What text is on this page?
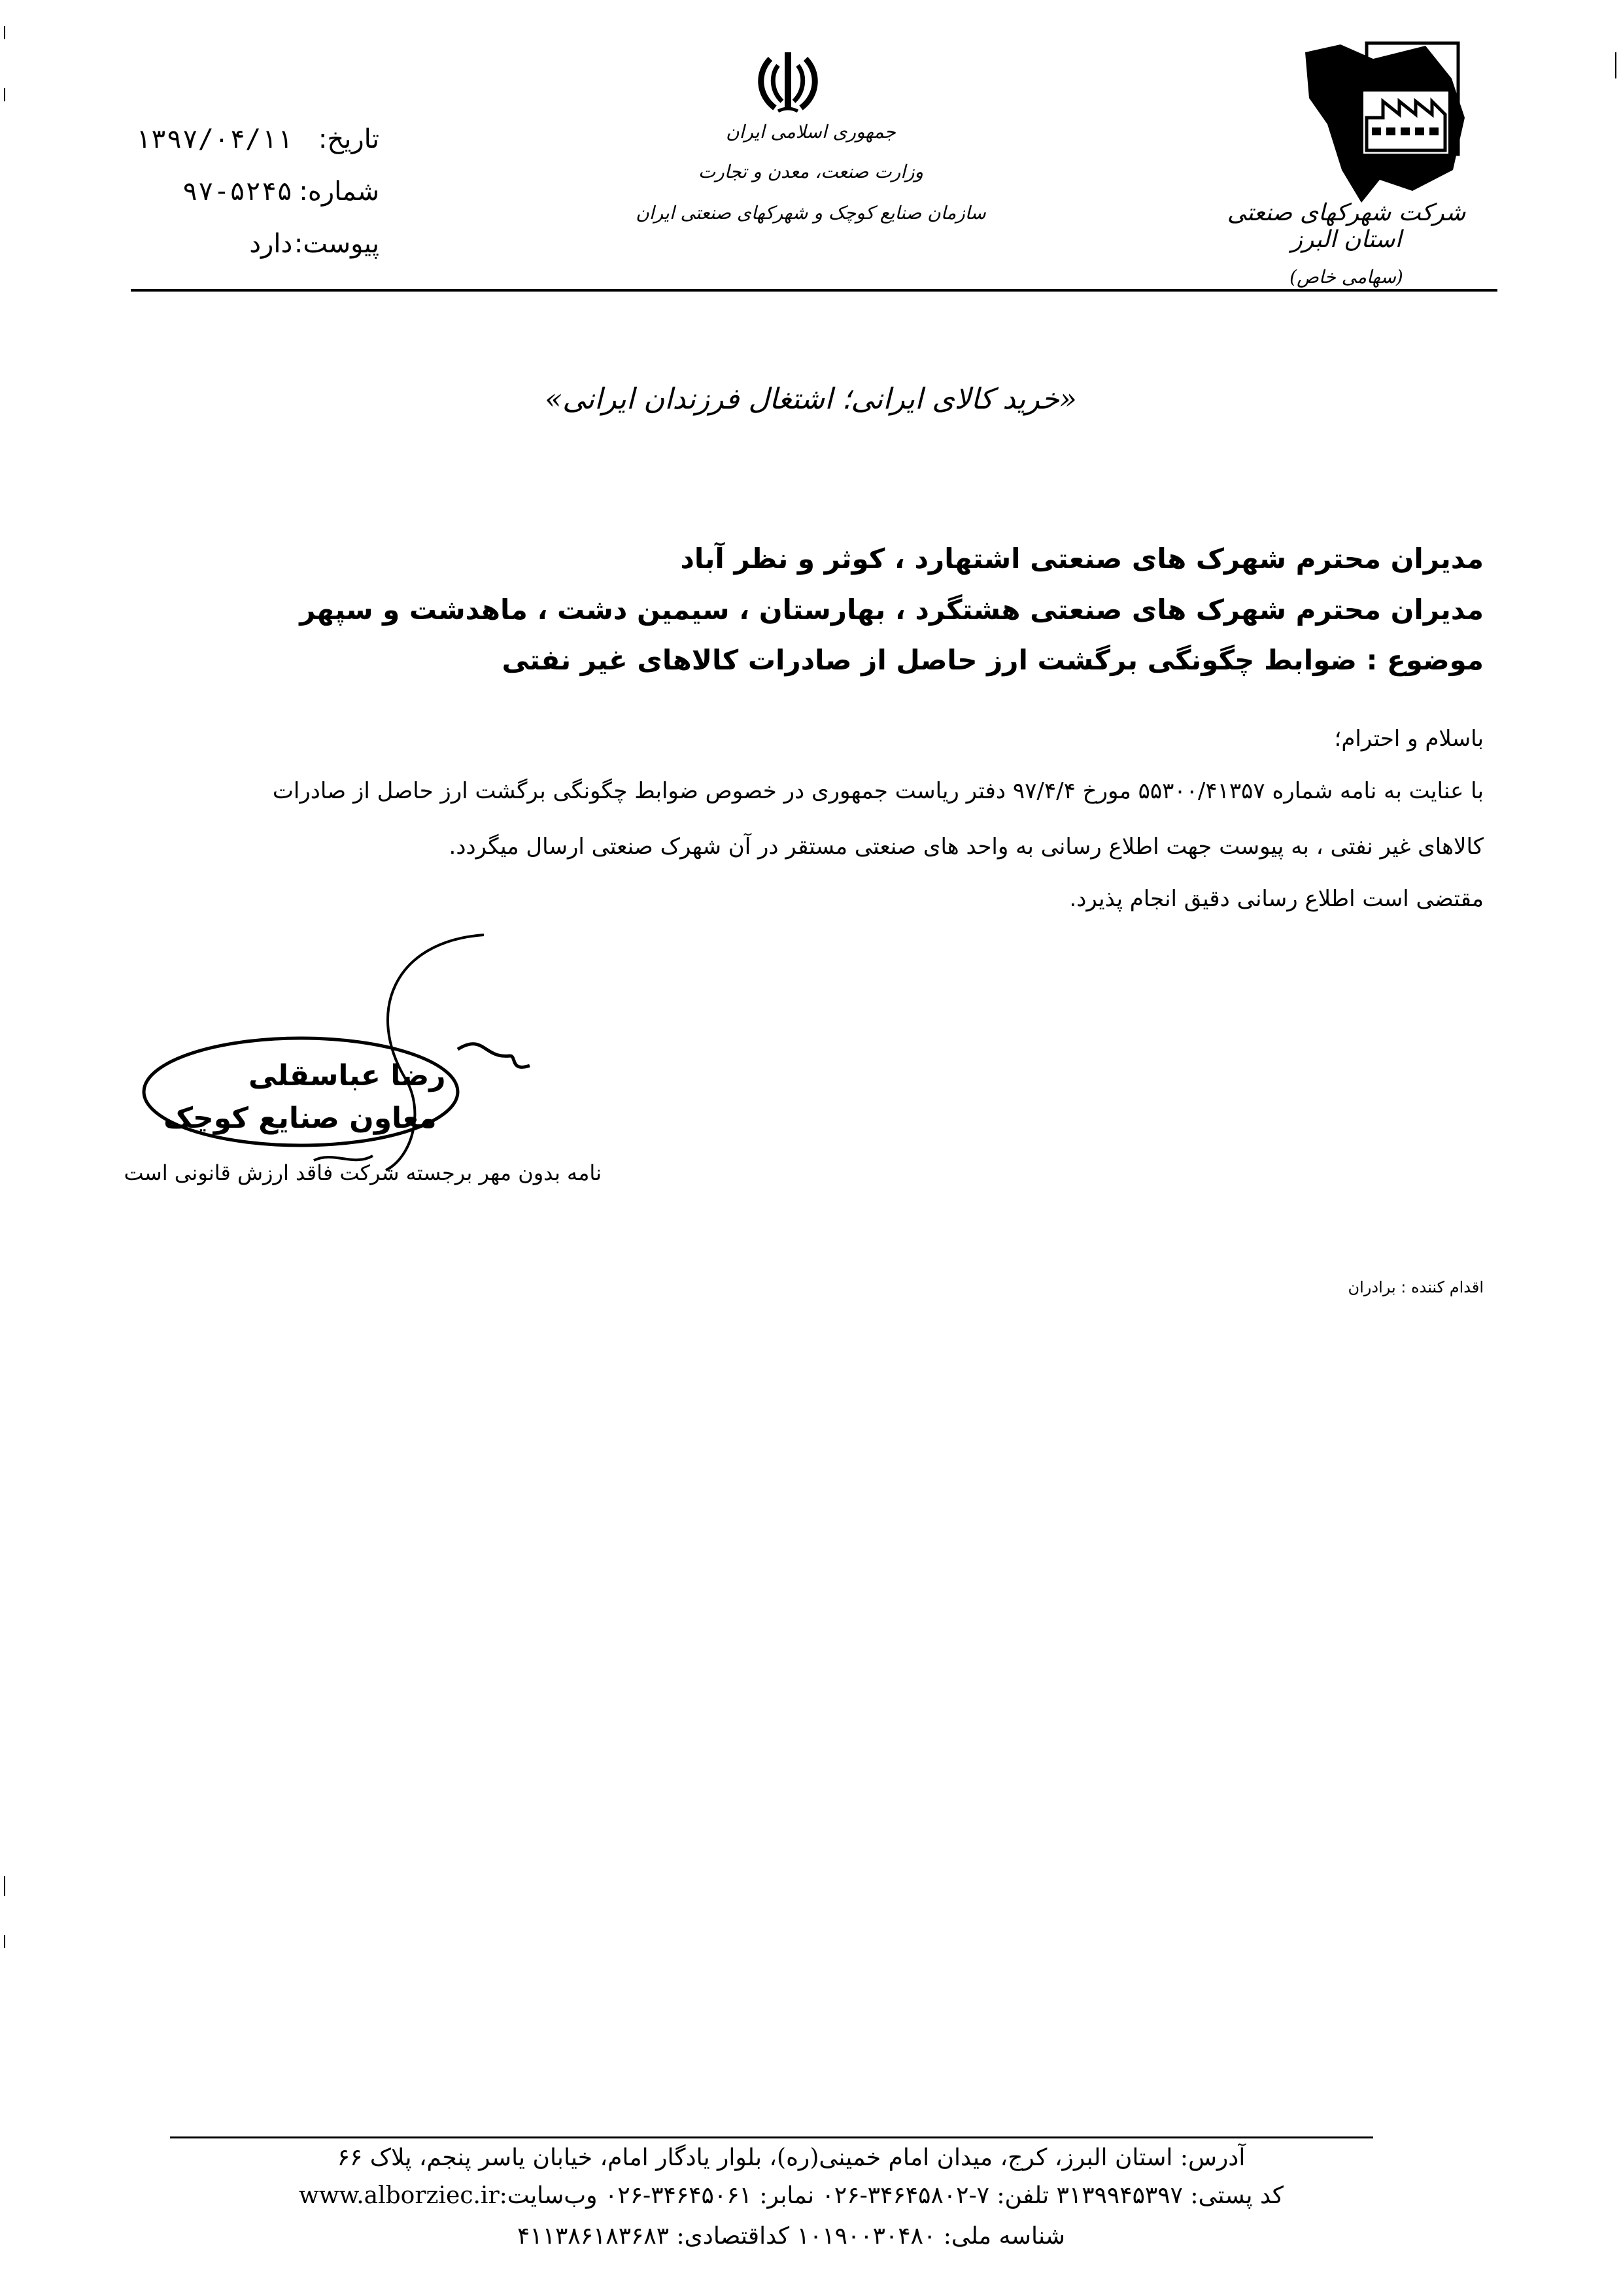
تاریخ: ۱۳۹۷/۰۴/۱۱
شماره: ۹۷-۵۲۴۵
پیوست: دارد
جمهوری اسلامی ایران
وزارت صنعت، معدن و تجارت
سازمان صنایع کوچک و شهرکهای صنعتی ایران	شرکت شهرکهای صنعتی استان البرز
(سهامی خاص)
«خرید کالای ایرانی؛ اشتغال فرزندان ایرانی»
مدیران محترم شهرک های صنعتی اشتهارد ، کوثر و نظر آباد
مدیران محترم شهرک های صنعتی هشتگرد ، بهارستان ، سیمین دشت ، ماهدشت و سپهر
موضوع : ضوابط چگونگی برگشت ارز حاصل از صادرات کالاهای غیر نفتی
باسلام و احترام؛
با عنایت به نامه شماره ۵۵۳۰۰/۴۱۳۵۷ مورخ ۹۷/۴/۴ دفتر ریاست جمهوری در خصوص ضوابط چگونگی برگشت ارز حاصل از صادرات
کالاهای غیر نفتی ، به پیوست جهت اطلاع رسانی به واحد های صنعتی مستقر در آن شهرک صنعتی ارسال میگردد.
مقتضی است اطلاع رسانی دقیق انجام پذیرد.
رضا عباسقلی
معاون صنایع کوچک
نامه بدون مهر برجسته شرکت فاقد ارزش قانونی است
اقدام کننده : برادران
آدرس: استان البرز، کرج، میدان امام خمینی(ره)، بلوار یادگار امام، خیابان یاسر پنجم، پلاک ۶۶
کد پستی: ۳۱۳۹۹۴۵۳۹۷ تلفن: ۷-۳۴۶۴۵۸۰۲-۰۲۶ نمابر: ۳۴۶۴۵۰۶۱-۰۲۶ وب‌سایت:www.alborziec.ir
شناسه ملی: ۱۰۱۹۰۰۳۰۴۸۰ کداقتصادی: ۴۱۱۳۸۶۱۸۳۶۸۳
